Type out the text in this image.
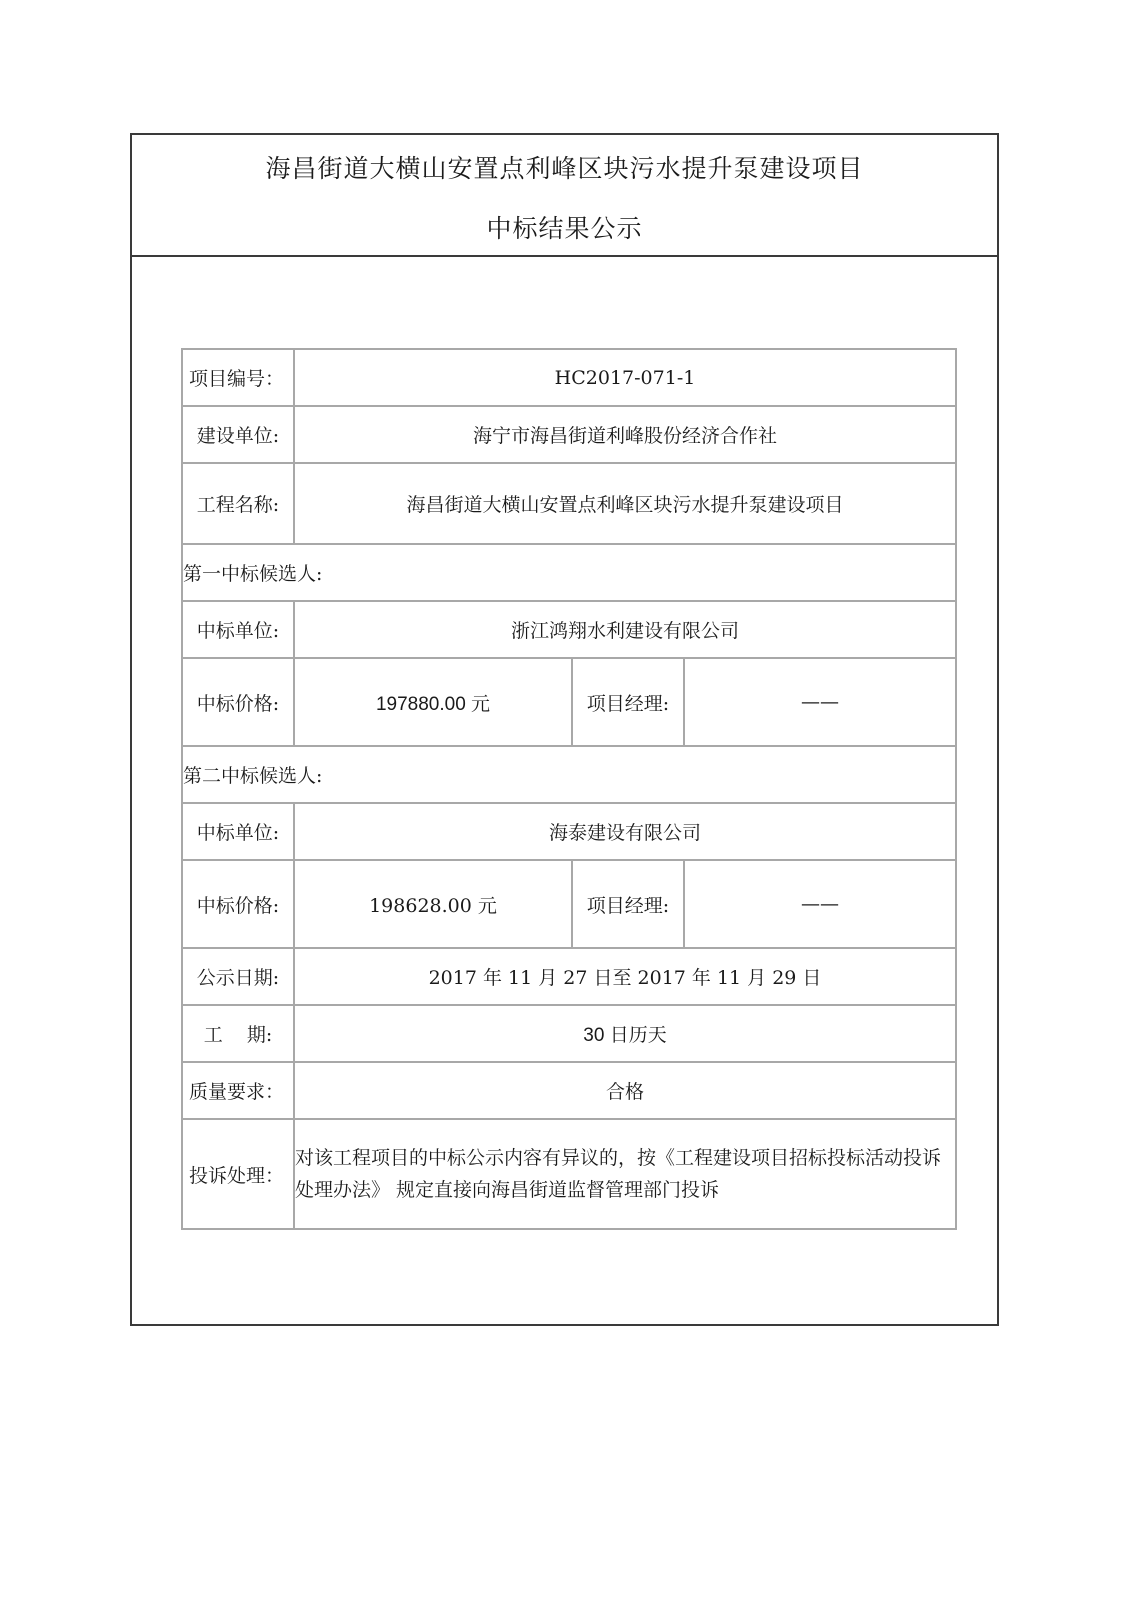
海昌街道大横山安置点利峰区块污水提升泵建设项目
中标结果公示
项目编号：	HC2017-071-1		
建设单位:	海宁市海昌街道利峰股份经济合作社		
工程名称:	海昌街道大横山安置点利峰区块污水提升泵建设项目		
第一中标候选人:			
中标单位:	浙江鸿翔水利建设有限公司		
中标价格:	197880.00 元	项目经理:	——
第二中标候选人:			
中标单位:	海泰建设有限公司		
中标价格:	198628.00 元	项目经理:	——
公示日期:	2017 年 11 月 27 日至 2017 年 11 月 29 日		
工    期:	30 日历天		
质量要求：	合格		
投诉处理：	对该工程项目的中标公示内容有异议的，按《工程建设项目招标投标活动投诉处理办法》 规定直接向海昌街道监督管理部门投诉		
